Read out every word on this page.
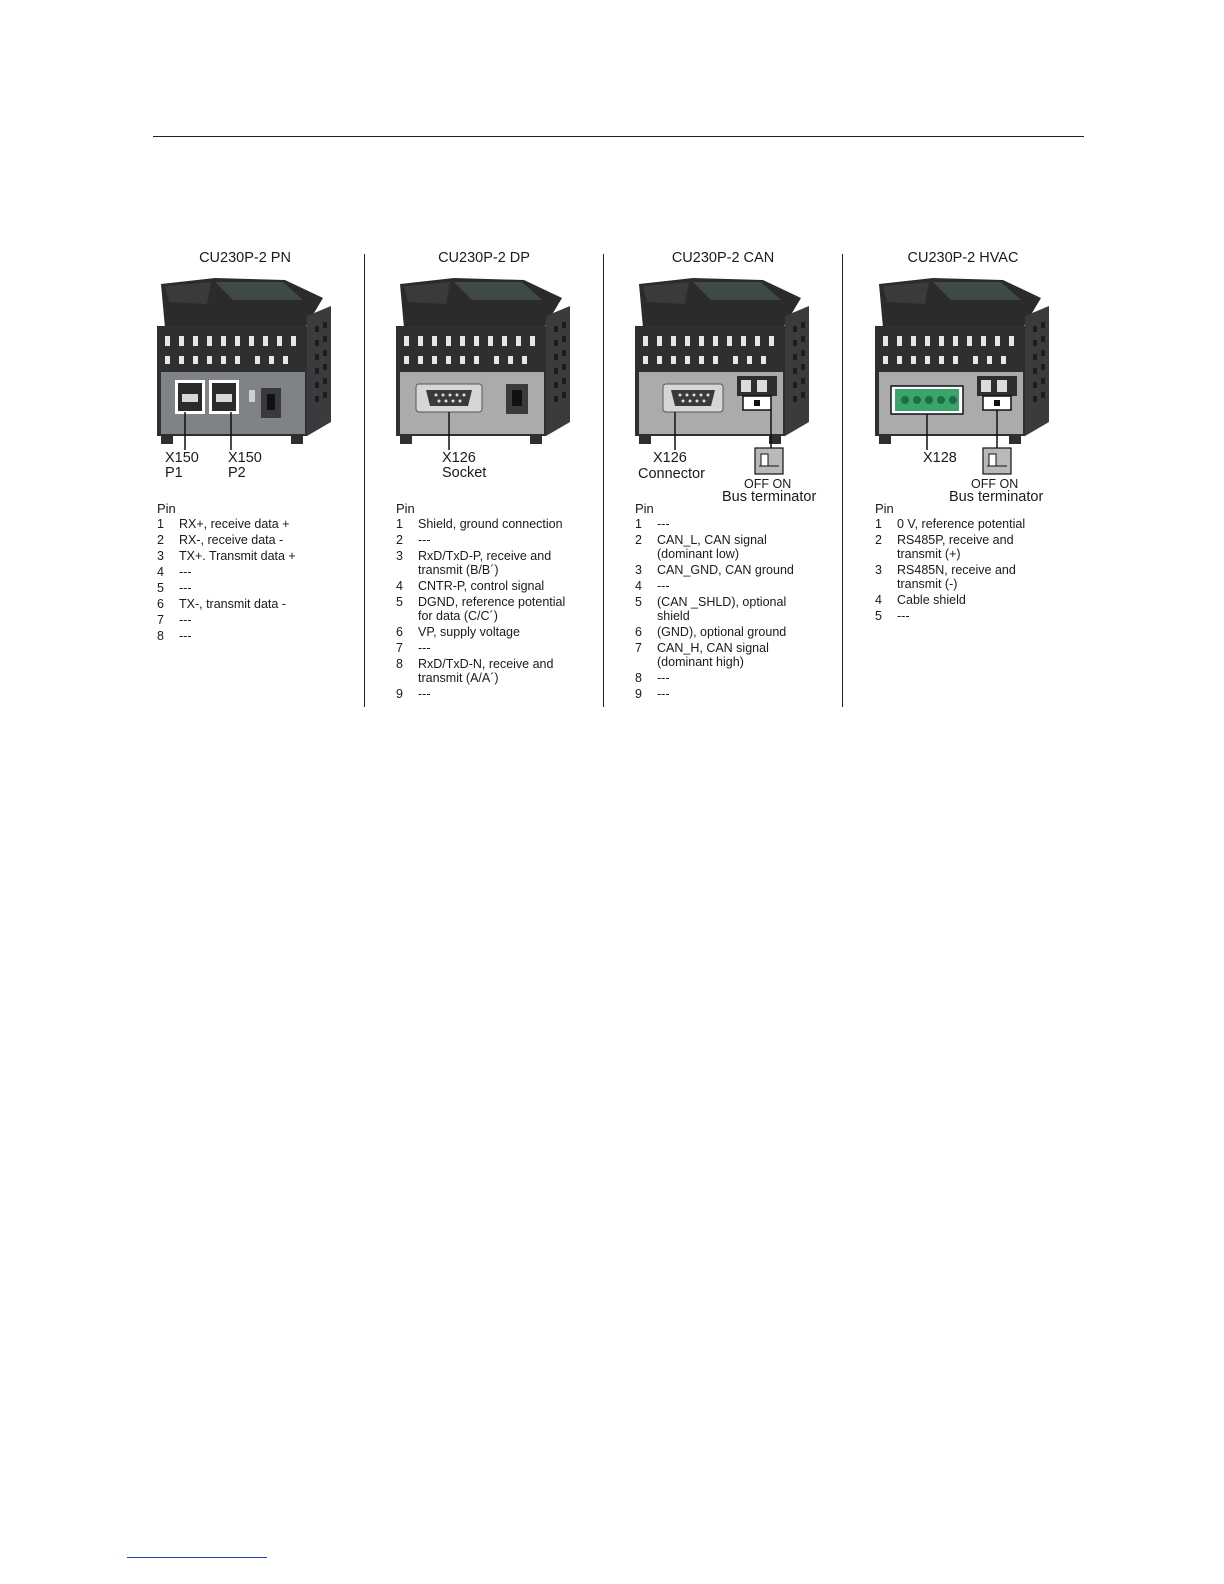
CU230P-2 PN
X150
P1
X150
P2
Pin
1	RX+, receive data +
2	RX-, receive data -
3	TX+. Transmit data +
4	---
5	---
6	TX-, transmit data -
7	---
8	---
CU230P-2 DP
X126
Socket
Pin
1	Shield, ground connection
2	---
3	RxD/TxD-P, receive and
transmit (B/B´)
4	CNTR-P, control signal
5	DGND, reference potential
for data (C/C´)
6	VP, supply voltage
7	---
8	RxD/TxD-N, receive and
transmit (A/A´)
9	---
CU230P-2 CAN
X126
Connector
OFF ON
Bus terminator
Pin
1	---
2	CAN_L, CAN signal
(dominant low)
3	CAN_GND, CAN ground
4	---
5	(CAN _SHLD), optional
shield
6	(GND), optional ground
7	CAN_H, CAN signal
(dominant high)
8	---
9	---
CU230P-2 HVAC
X128
OFF ON
Bus terminator
Pin
1	0 V, reference potential
2	RS485P, receive and
transmit (+)
3	RS485N, receive and
transmit (-)
4	Cable shield
5	---
